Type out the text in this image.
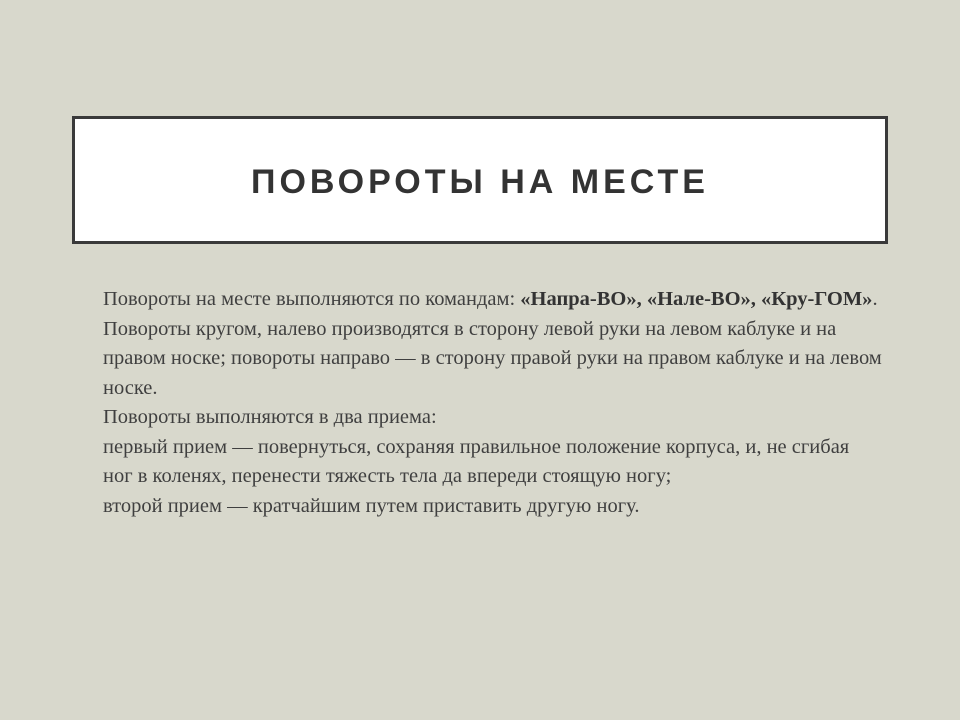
ПОВОРОТЫ НА МЕСТЕ

Повороты на месте выполняются по командам: «Напра-ВО», «Нале-ВО», «Кру-ГОМ».

Повороты кругом, налево производятся в сторону левой руки на левом каблуке и на правом носке; повороты направо — в сторону правой руки на правом каблуке и на левом носке.

Повороты выполняются в два приема:

первый прием — повернуться, сохраняя правильное положение корпуса, и, не сгибая ног в коленях, перенести тяжесть тела да впереди стоящую ногу;

второй прием — кратчайшим путем приставить другую ногу.
